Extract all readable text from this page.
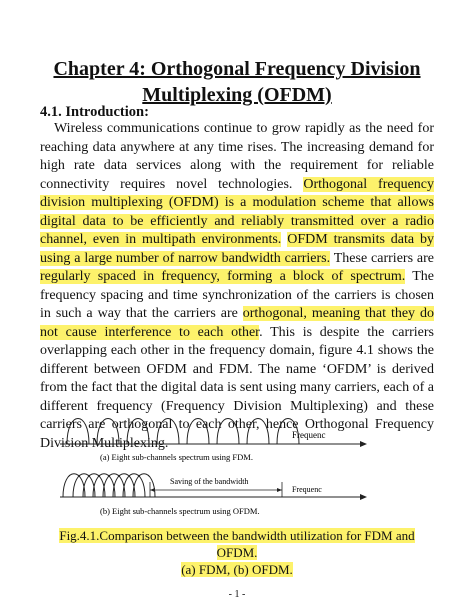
Chapter 4: Orthogonal Frequency Division Multiplexing (OFDM)
4.1. Introduction:
Wireless communications continue to grow rapidly as the need for reaching data anywhere at any time rises. The increasing demand for high rate data services along with the requirement for reliable connectivity requires novel technologies. Orthogonal frequency division multiplexing (OFDM) is a modulation scheme that allows digital data to be efficiently and reliably transmitted over a radio channel, even in multipath environments. OFDM transmits data by using a large number of narrow bandwidth carriers. These carriers are regularly spaced in frequency, forming a block of spectrum. The frequency spacing and time synchronization of the carriers is chosen in such a way that the carriers are orthogonal, meaning that they do not cause interference to each other. This is despite the carriers overlapping each other in the frequency domain, figure 4.1 shows the different between OFDM and FDM. The name ‘OFDM’ is derived from the fact that the digital data is sent using many carriers, each of a different frequency (Frequency Division Multiplexing) and these carriers are orthogonal to each other, hence Orthogonal Frequency Division Multiplexing.
Frequenc
(a) Eight sub-channels spectrum using FDM.
Frequenc
Saving of the bandwidth
(b) Eight sub-channels spectrum using OFDM.
Fig.4.1.Comparison between the bandwidth utilization for FDM and OFDM.
(a) FDM, (b) OFDM.
- 1 -
